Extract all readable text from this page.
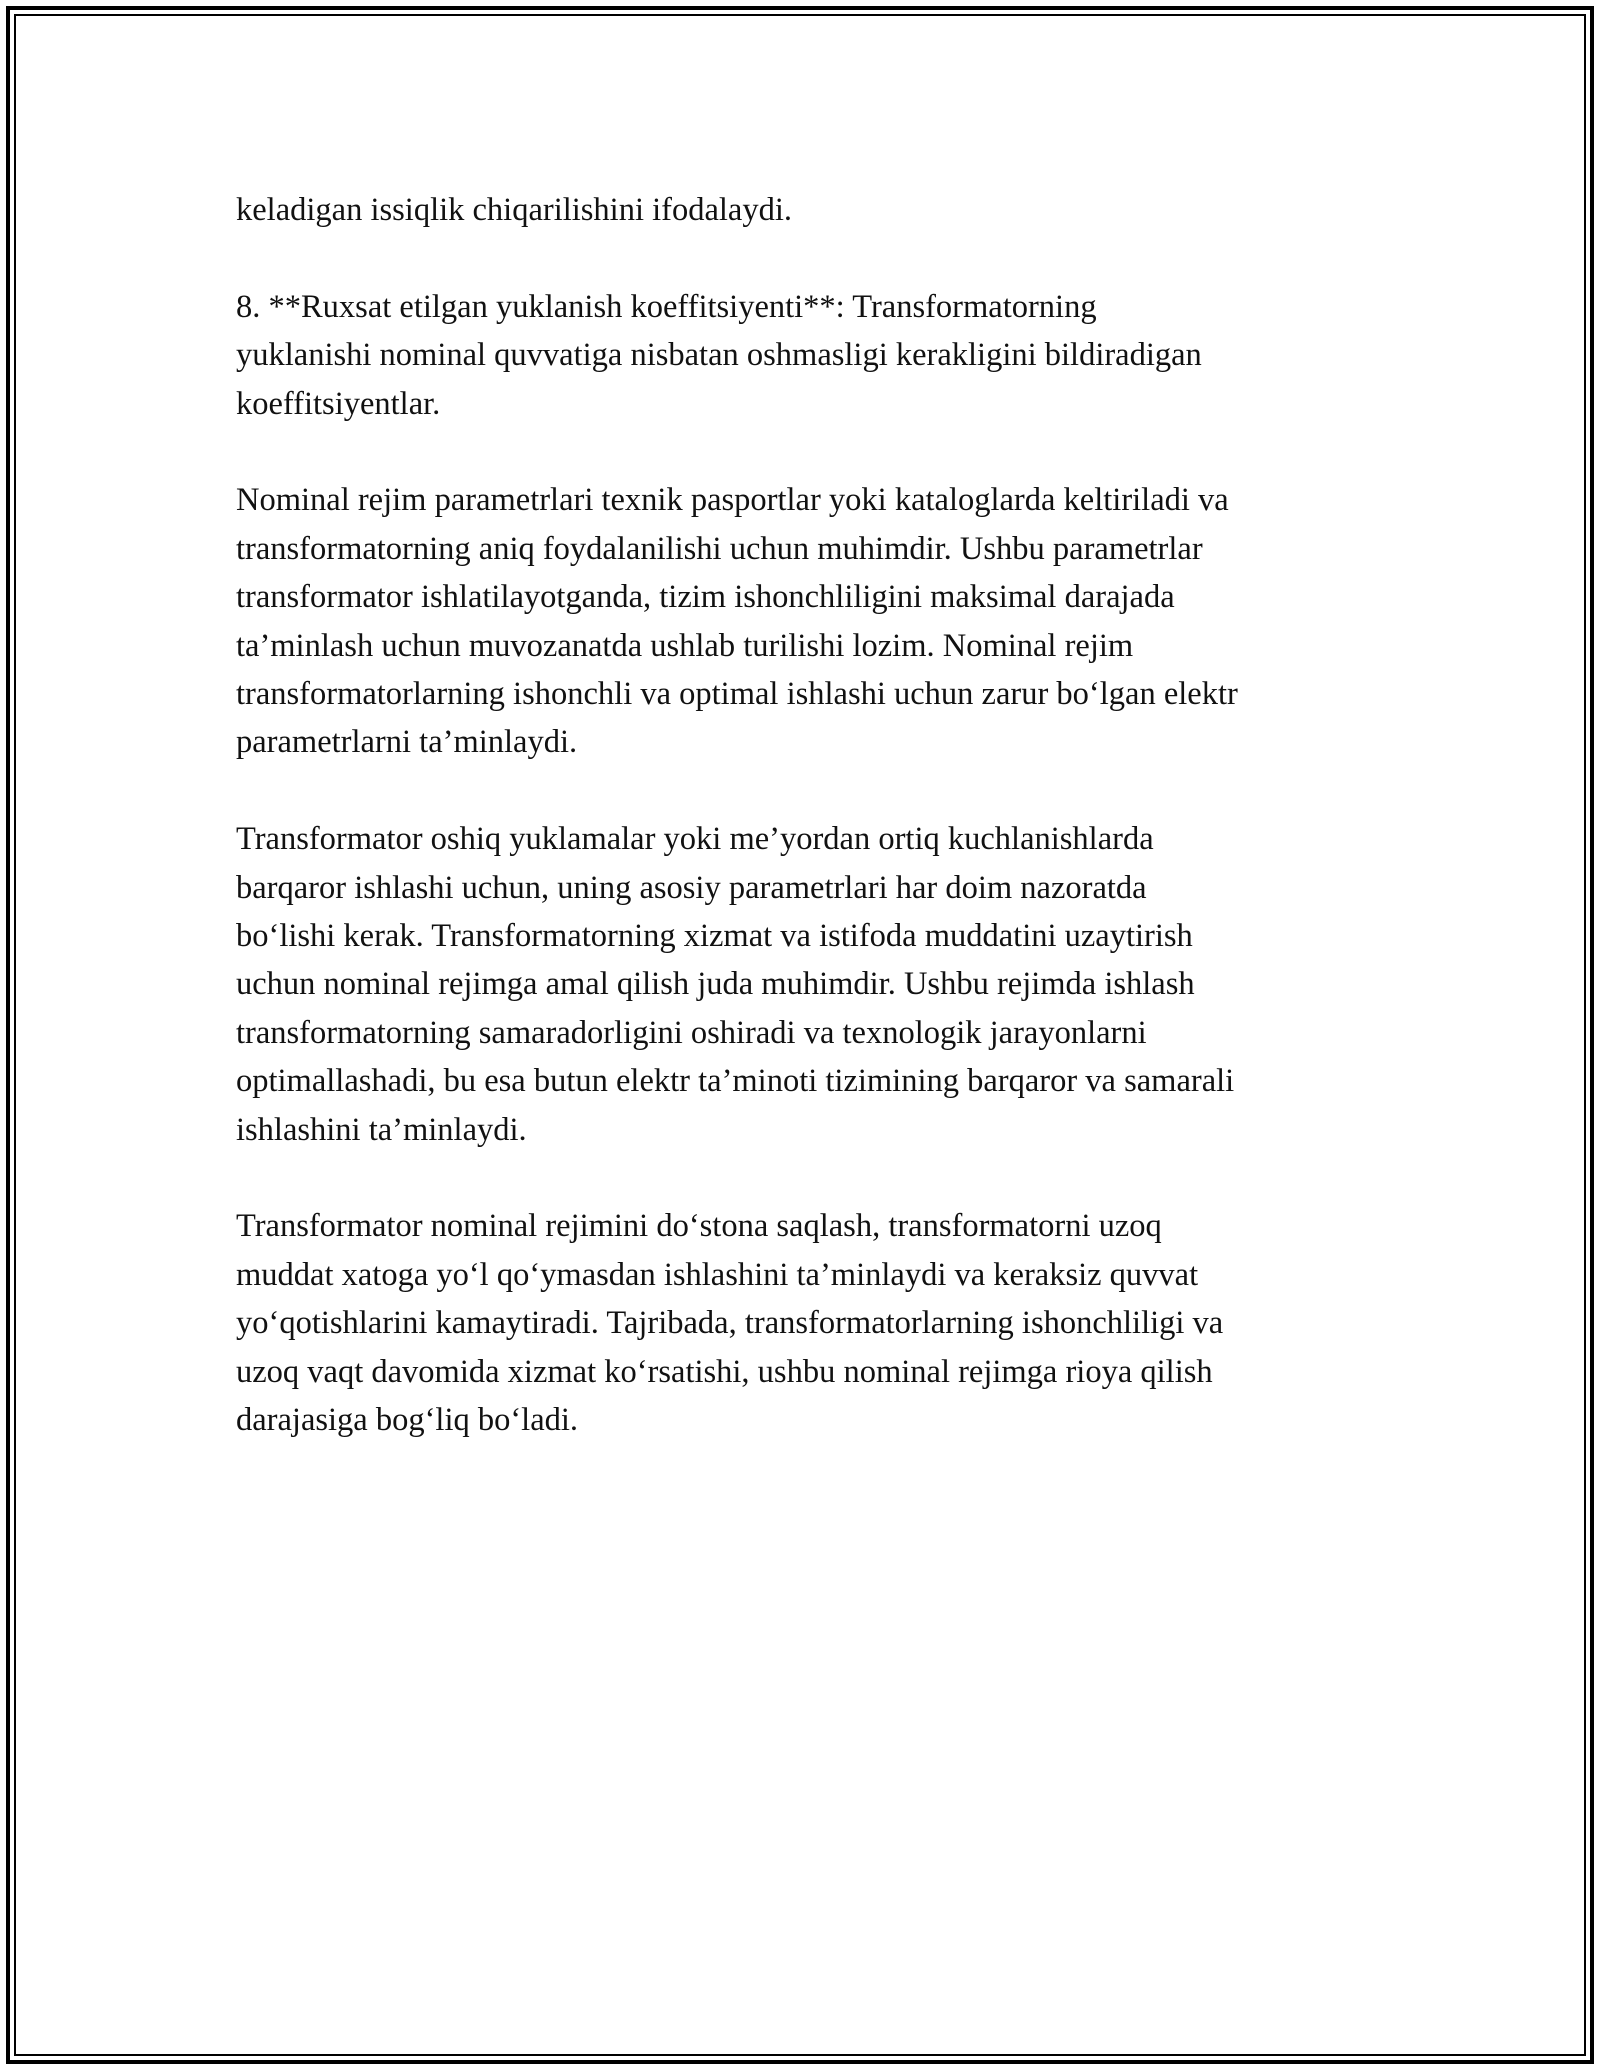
keladigan issiqlik chiqarilishini ifodalaydi.

8. **Ruxsat etilgan yuklanish koeffitsiyenti**: Transformatorning
yuklanishi nominal quvvatiga nisbatan oshmasligi kerakligini bildiradigan
koeffitsiyentlar.

Nominal rejim parametrlari texnik pasportlar yoki kataloglarda keltiriladi va
transformatorning aniq foydalanilishi uchun muhimdir. Ushbu parametrlar
transformator ishlatilayotganda, tizim ishonchliligini maksimal darajada
ta’minlash uchun muvozanatda ushlab turilishi lozim. Nominal rejim
transformatorlarning ishonchli va optimal ishlashi uchun zarur boʻlgan elektr
parametrlarni ta’minlaydi.

Transformator oshiq yuklamalar yoki me’yordan ortiq kuchlanishlarda
barqaror ishlashi uchun, uning asosiy parametrlari har doim nazoratda
boʻlishi kerak. Transformatorning xizmat va istifoda muddatini uzaytirish
uchun nominal rejimga amal qilish juda muhimdir. Ushbu rejimda ishlash
transformatorning samaradorligini oshiradi va texnologik jarayonlarni
optimallashadi, bu esa butun elektr ta’minoti tizimining barqaror va samarali
ishlashini ta’minlaydi.

Transformator nominal rejimini doʻstona saqlash, transformatorni uzoq
muddat xatoga yoʻl qoʻymasdan ishlashini ta’minlaydi va keraksiz quvvat
yoʻqotishlarini kamaytiradi. Tajribada, transformatorlarning ishonchliligi va
uzoq vaqt davomida xizmat koʻrsatishi, ushbu nominal rejimga rioya qilish
darajasiga bogʻliq boʻladi.
